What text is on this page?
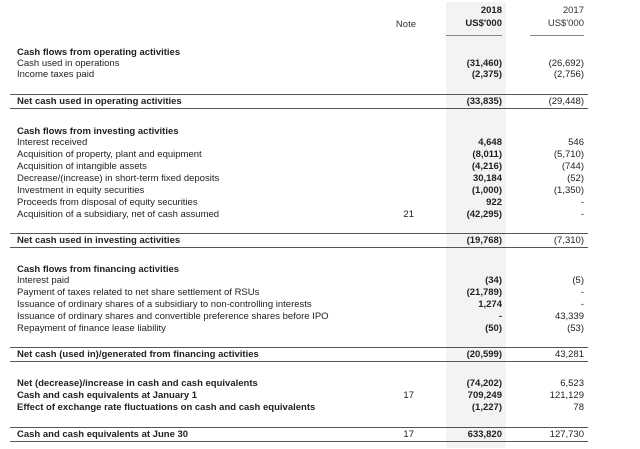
Note
2018
US$'000
2017
US$'000
Cash flows from operating activities
Cash used in operations	(31,460)	(26,692)
Income taxes paid	(2,375)	(2,756)
Net cash used in operating activities	(33,835)	(29,448)
Cash flows from investing activities
Interest received	4,648	546
Acquisition of property, plant and equipment	(8,011)	(5,710)
Acquisition of intangible assets	(4,216)	(744)
Decrease/(increase) in short-term fixed deposits	30,184	(52)
Investment in equity securities	(1,000)	(1,350)
Proceeds from disposal of equity securities	922	-
Acquisition of a subsidiary, net of cash assumed	21	(42,295)	-
Net cash used in investing activities	(19,768)	(7,310)
Cash flows from financing activities
Interest paid	(34)	(5)
Payment of taxes related to net share settlement of RSUs	(21,789)	-
Issuance of ordinary shares of a subsidiary to non-controlling interests	1,274	-
Issuance of ordinary shares and convertible preference shares before IPO	-	43,339
Repayment of finance lease liability	(50)	(53)
Net cash (used in)/generated from financing activities	(20,599)	43,281
Net (decrease)/increase in cash and cash equivalents	(74,202)	6,523
Cash and cash equivalents at January 1	17	709,249	121,129
Effect of exchange rate fluctuations on cash and cash equivalents	(1,227)	78
Cash and cash equivalents at June 30	17	633,820	127,730
